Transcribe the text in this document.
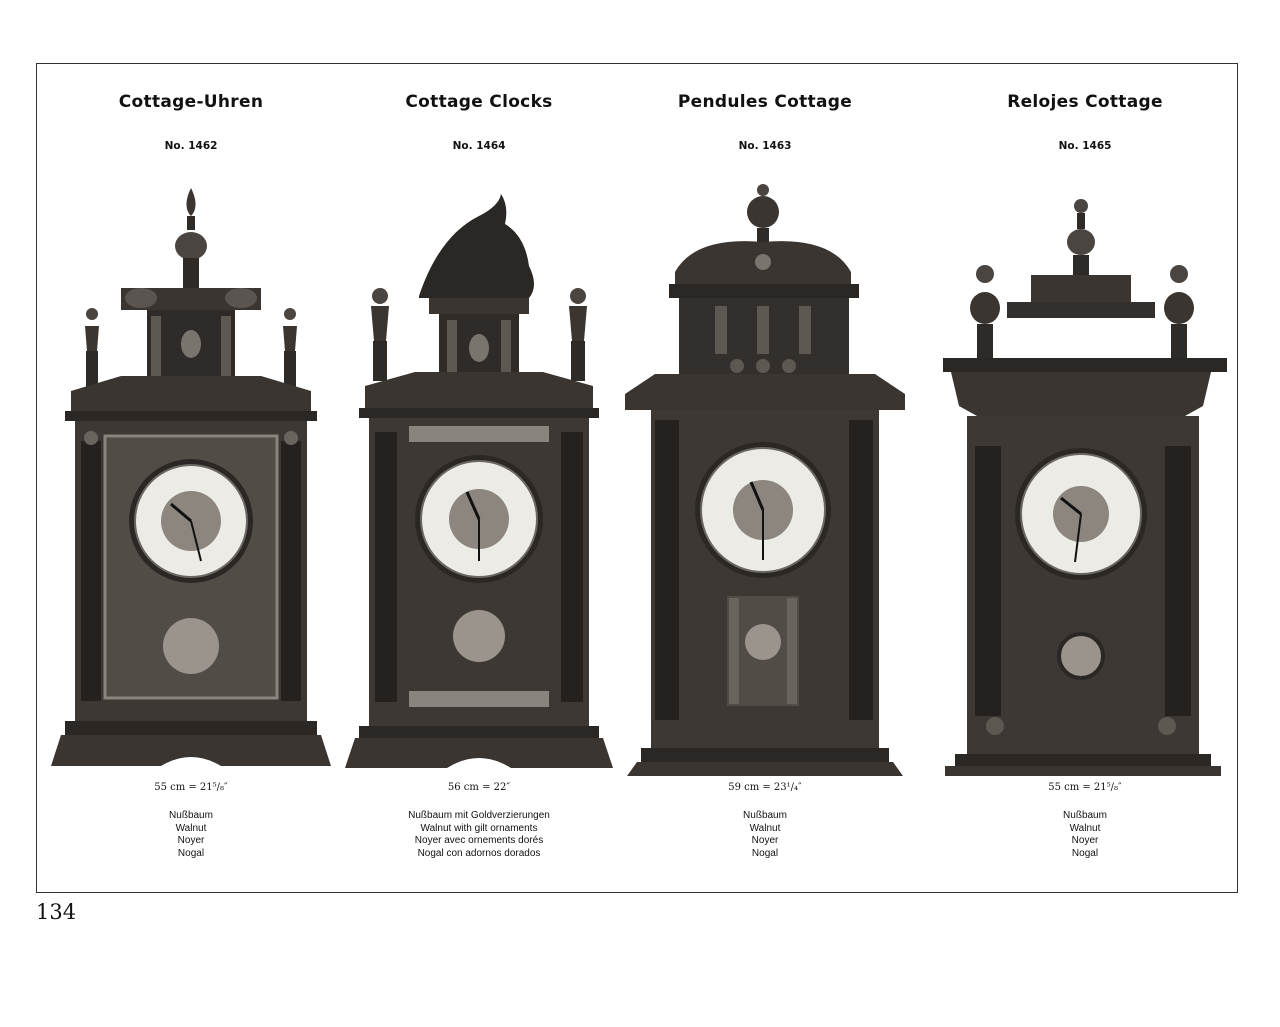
Cottage-Uhren
No. 1462
55 cm = 21⁵/₈″
Nußbaum
Walnut
Noyer
Nogal
Cottage Clocks
No. 1464
56 cm = 22″
Nußbaum mit Goldverzierungen
Walnut with gilt ornaments
Noyer avec ornements dorés
Nogal con adornos dorados
Pendules Cottage
No. 1463
59 cm = 23¹/₄″
Nußbaum
Walnut
Noyer
Nogal
Relojes Cottage
No. 1465
55 cm = 21⁵/₈″
Nußbaum
Walnut
Noyer
Nogal
134
